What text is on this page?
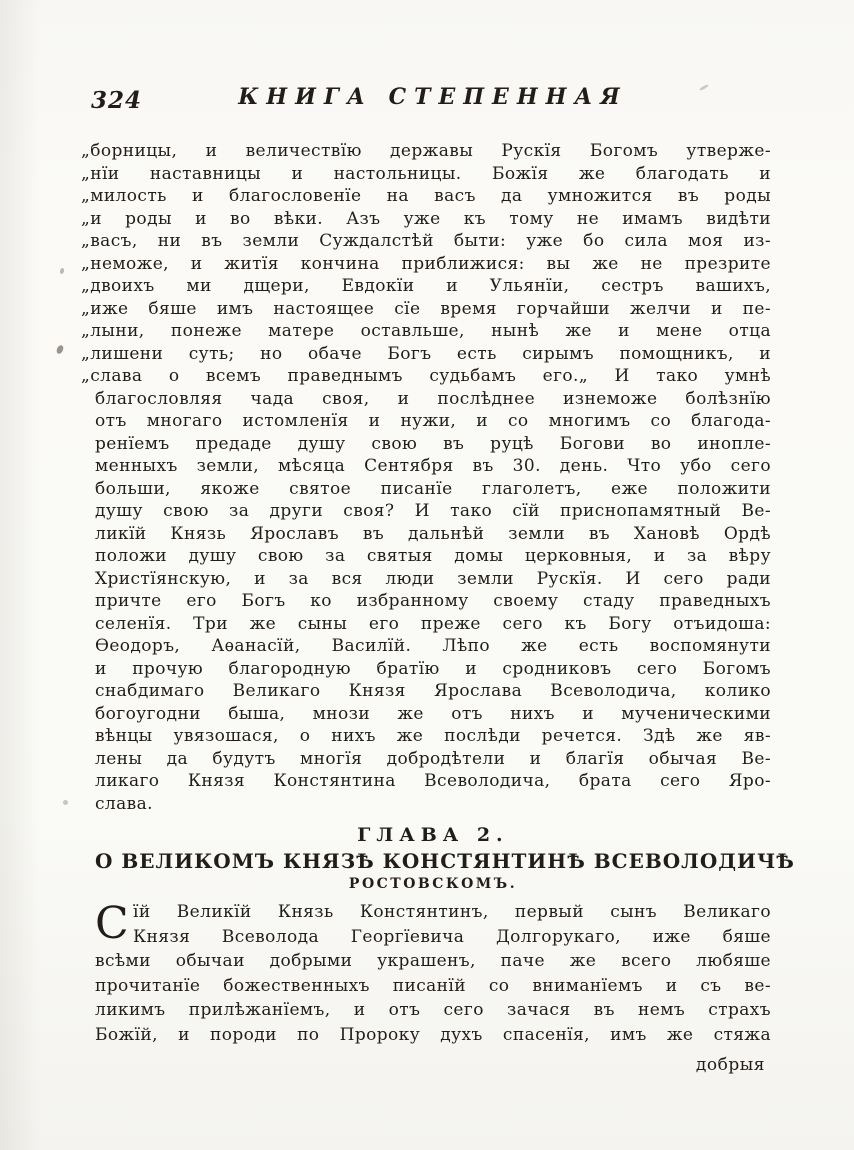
324	КНИГА СТЕПЕННАЯ
„борницы, и величествїю державы Рускїя Богомъ утверже-
„нїи наставницы и настольницы. Божїя же благодать и
„милость и благословенїе на васъ да умножится въ роды
„и роды и во вѣки. Азъ уже къ тому не имамъ видѣти
„васъ, ни въ земли Суждалстѣй быти: уже бо сила моя из-
„неможе, и житїя кончина приближися: вы же не презрите
„двоихъ ми дщери, Евдокїи и Ульянїи, сестръ вашихъ,
„иже бяше имъ настоящее сїе время горчайши желчи и пе-
„лыни, понеже матере оставльше, нынѣ же и мене отца
„лишени суть; но обаче Богъ есть сирымъ помощникъ, и
„слава о всемъ праведнымъ судьбамъ его.„ И тако умнѣ
благословляя чада своя, и послѣднее изнеможе болѣзнїю
отъ многаго истомленїя и нужи, и со многимъ со благода-
ренїемъ предаде душу свою въ руцѣ Богови во инопле-
менныхъ земли, мѣсяца Сентября въ 30. день. Что убо сего
больши, якоже святое писанїе глаголетъ, еже положити
душу свою за други своя? И тако сїй приснопамятный Ве-
ликїй Князь Ярославъ въ дальнѣй земли въ Хановѣ Ордѣ
положи душу свою за святыя домы церковныя, и за вѣру
Христїянскую, и за вся люди земли Рускїя. И сего ради
причте его Богъ ко избранному своему стаду праведныхъ
селенїя. Три же сыны его преже сего къ Богу отъидоша:
Ѳеодоръ, Аѳанасїй, Василїй. Лѣпо же есть воспомянути
и прочую благородную братїю и сродниковъ сего Богомъ
снабдимаго Великаго Князя Ярослава Всеволодича, колико
богоугодни быша, мнози же отъ нихъ и мученическими
вѣнцы увязошася, о нихъ же послѣди речется. Здѣ же яв-
лены да будутъ многїя добродѣтели и благїя обычая Ве-
ликаго Князя Констянтина Всеволодича, брата сего Яро-
слава.
ГЛАВА 2.
О ВЕЛИКОМЪ КНЯЗѢ КОНСТЯНТИНѢ ВСЕВОЛОДИЧѢ
РОСТОВСКОМЪ.
С їй Великїй Князь Констянтинъ, первый сынъ Великаго
Князя Всеволода Георгїевича Долгорукаго, иже бяше
всѣми обычаи добрыми украшенъ, паче же всего любяше
прочитанїе божественныхъ писанїй со вниманїемъ и съ ве-
ликимъ прилѣжанїемъ, и отъ сего зачася въ немъ страхъ
Божїй, и породи по Пророку духъ спасенїя, имъ же стяжа
добрыя
